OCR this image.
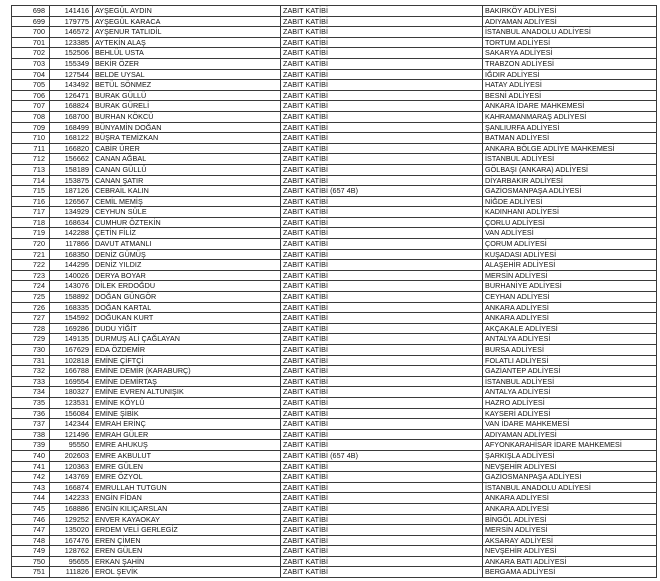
698	141416	AYŞEGÜL AYDIN	ZABIT KATİBİ	BAKIRKÖY ADLİYESİ
699	179775	AYŞEGÜL KARACA	ZABIT KATİBİ	ADIYAMAN ADLİYESİ
700	146572	AYŞENUR TATLIDİL	ZABIT KATİBİ	İSTANBUL ANADOLU ADLİYESİ
701	123385	AYTEKİN ALAŞ	ZABIT KATİBİ	TORTUM ADLİYESİ
702	152506	BEHLÜL USTA	ZABIT KATİBİ	SAKARYA ADLİYESİ
703	155349	BEKİR ÖZER	ZABIT KATİBİ	TRABZON ADLİYESİ
704	127544	BELDE UYSAL	ZABIT KATİBİ	IĞDIR ADLİYESİ
705	143492	BETÜL SÖNMEZ	ZABIT KATİBİ	HATAY ADLİYESİ
706	126471	BURAK GÜLLÜ	ZABIT KATİBİ	BESNİ ADLİYESİ
707	168824	BURAK GÜRELİ	ZABIT KATİBİ	ANKARA İDARE MAHKEMESİ
708	168700	BURHAN KÖKCÜ	ZABIT KATİBİ	KAHRAMANMARAŞ ADLİYESİ
709	168499	BÜNYAMİN DOĞAN	ZABIT KATİBİ	ŞANLIURFA ADLİYESİ
710	168122	BÜŞRA TEMİZKAN	ZABIT KATİBİ	BATMAN ADLİYESİ
711	166820	CABİR ÜRER	ZABIT KATİBİ	ANKARA BÖLGE ADLİYE MAHKEMESİ
712	156662	CANAN AĞBAL	ZABIT KATİBİ	İSTANBUL ADLİYESİ
713	158189	CANAN GÜLLÜ	ZABIT KATİBİ	GÖLBAŞI (ANKARA) ADLİYESİ
714	153875	CANAN ŞATIR	ZABIT KATİBİ	DİYARBAKIR ADLİYESİ
715	187126	CEBRAİL KALIN	ZABIT KATİBİ (657 4B)	GAZİOSMANPAŞA ADLİYESİ
716	126567	CEMİL MEMİŞ	ZABIT KATİBİ	NİĞDE ADLİYESİ
717	134929	CEYHUN SÜLE	ZABIT KATİBİ	KADINHANI ADLİYESİ
718	168634	CUMHUR ÖZTEKİN	ZABIT KATİBİ	ÇORLU ADLİYESİ
719	142288	ÇETİN FİLİZ	ZABIT KATİBİ	VAN ADLİYESİ
720	117866	DAVUT ATMANLI	ZABIT KATİBİ	ÇORUM ADLİYESİ
721	168350	DENİZ GÜMÜŞ	ZABIT KATİBİ	KUŞADASI ADLİYESİ
722	144295	DENİZ YILDIZ	ZABIT KATİBİ	ALAŞEHİR ADLİYESİ
723	140026	DERYA BOYAR	ZABIT KATİBİ	MERSİN ADLİYESİ
724	143076	DİLEK ERDOĞDU	ZABIT KATİBİ	BURHANİYE ADLİYESİ
725	158892	DOĞAN GÜNGÖR	ZABIT KATİBİ	CEYHAN ADLİYESİ
726	168335	DOĞAN KARTAL	ZABIT KATİBİ	ANKARA ADLİYESİ
727	154592	DOĞUKAN KURT	ZABIT KATİBİ	ANKARA ADLİYESİ
728	169286	DUDU YİĞİT	ZABIT KATİBİ	AKÇAKALE ADLİYESİ
729	149135	DURMUŞ ALİ ÇAĞLAYAN	ZABIT KATİBİ	ANTALYA ADLİYESİ
730	167629	EDA ÖZDEMİR	ZABIT KATİBİ	BURSA ADLİYESİ
731	102818	EMİNE ÇİFTÇİ	ZABIT KATİBİ	FOLATLI ADLİYESİ
732	166788	EMİNE DEMİR (KARABURÇ)	ZABIT KATİBİ	GAZİANTEP ADLİYESİ
733	169554	EMİNE DEMİRTAŞ	ZABIT KATİBİ	İSTANBUL ADLİYESİ
734	180327	EMİNE EVREN ALTUNIŞIK	ZABIT KATİBİ	ANTALYA ADLİYESİ
735	123531	EMİNE KÖYLÜ	ZABIT KATİBİ	HAZRO ADLİYESİ
736	156084	EMİNE ŞİBİK	ZABIT KATİBİ	KAYSERİ ADLİYESİ
737	142344	EMRAH ERİNÇ	ZABIT KATİBİ	VAN İDARE MAHKEMESİ
738	121496	EMRAH GÜLER	ZABIT KATİBİ	ADIYAMAN ADLİYESİ
739	95550	EMRE AHUKUŞ	ZABIT KATİBİ	AFYONKARAHİSAR İDARE MAHKEMESİ
740	202603	EMRE AKBULUT	ZABIT KATİBİ (657 4B)	ŞARKIŞLA ADLİYESİ
741	120363	EMRE GÜLEN	ZABIT KATİBİ	NEVŞEHİR ADLİYESİ
742	143769	EMRE ÖZYOL	ZABIT KATİBİ	GAZİOSMANPAŞA ADLİYESİ
743	166874	EMRULLAH TUTGUN	ZABIT KATİBİ	İSTANBUL ANADOLU ADLİYESİ
744	142233	ENGİN FİDAN	ZABIT KATİBİ	ANKARA ADLİYESİ
745	168886	ENGİN KILIÇARSLAN	ZABIT KATİBİ	ANKARA ADLİYESİ
746	129252	ENVER KAYAOKAY	ZABIT KATİBİ	BİNGÖL ADLİYESİ
747	135020	ERDEM VELİ GERLEGİZ	ZABIT KATİBİ	MERSİN ADLİYESİ
748	167476	EREN ÇİMEN	ZABIT KATİBİ	AKSARAY ADLİYESİ
749	128762	EREN GÜLEN	ZABIT KATİBİ	NEVŞEHİR ADLİYESİ
750	95655	ERKAN ŞAHİN	ZABIT KATİBİ	ANKARA BATI ADLİYESİ
751	111826	EROL ŞEVİK	ZABIT KATİBİ	BERGAMA ADLİYESİ
